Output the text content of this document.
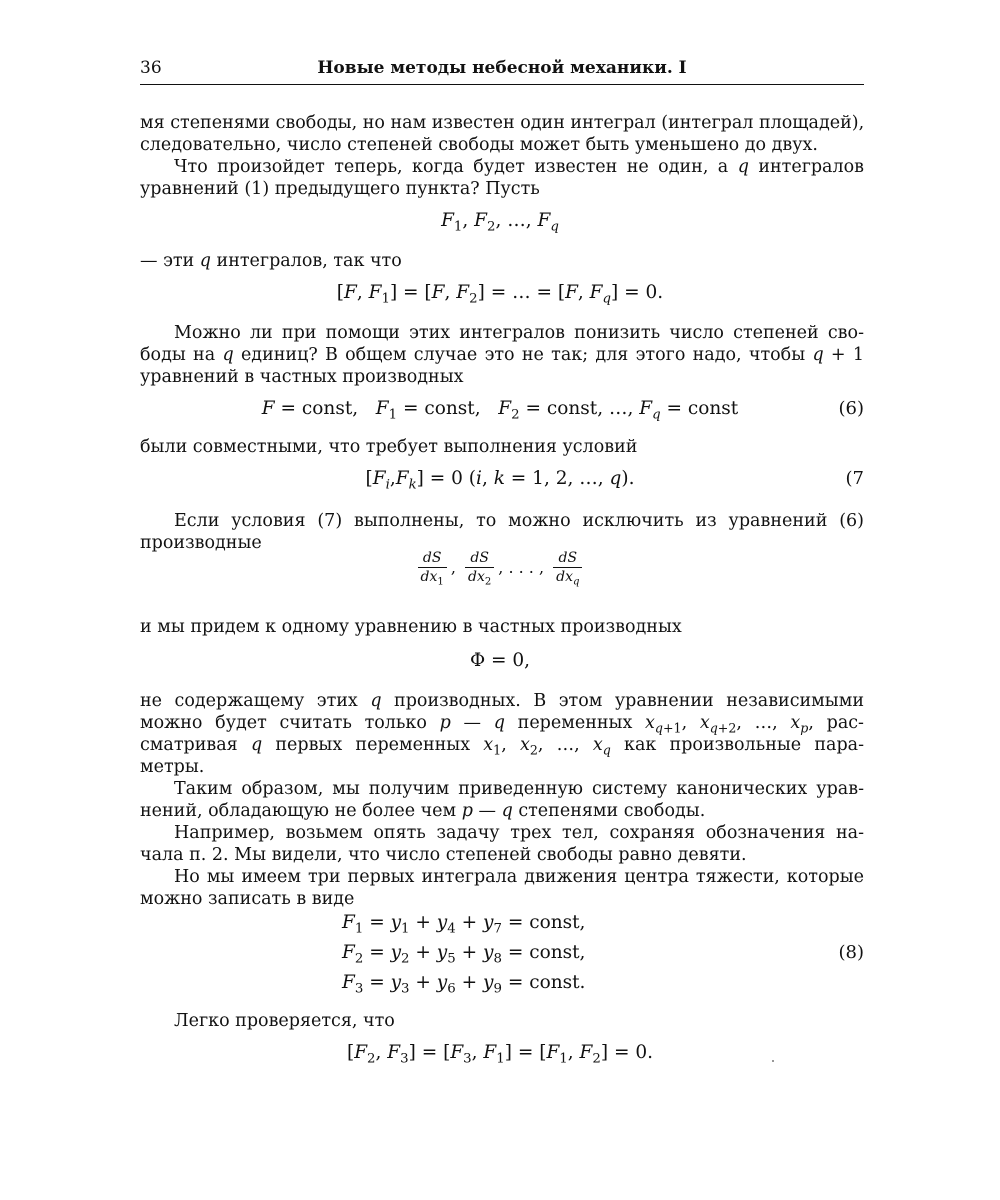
36	Новые методы небесной механики. I
мя степенями свободы, но нам известен один интеграл (интеграл площадей),
следовательно, число степеней свободы может быть уменьшено до двух.
Что произойдет теперь, когда будет известен не один, а q интегралов
уравнений (1) предыдущего пункта? Пусть
$F_1$, $F_2$, …, $F_q$
— эти q интегралов, так что
[F, $F_1] = [F$, $F_2$] = … = [F, $F_q] = 0$.
Можно ли при помощи этих интегралов понизить число степеней сво-
боды на q единиц? В общем случае это не так; для этого надо, чтобы q + 1
уравнений в частных производных
F = const,   $F_1$ = const,   $F_2$ = const, …, $F_q$ = const	(6)
были совместными, что требует выполнения условий
$[F_i,F_k] = 0$ (i, k = 1, 2, …, q).	(7
Если условия (7) выполнены, то можно исключить из уравнений (6)
производные
$\frac{dS}{dx_1}$ , $\frac{dS}{dx_2}$ , . . . , $\frac{dS}{dx_q}$
и мы придем к одному уравнению в частных производных
Φ = 0,
не содержащему этих q производных. В этом уравнении независимыми
можно будет считать только p — q переменных $x_{q+1}$, $x_{q+2}$, …, $x_p$, рас-
сматривая q первых переменных $x_1$, $x_2$, …, $x_q$ как произвольные пара-
метры.
Таким образом, мы получим приведенную систему канонических урав-
нений, обладающую не более чем p — q степенями свободы.
Например, возьмем опять задачу трех тел, сохраняя обозначения на-
чала п. 2. Мы видели, что число степеней свободы равно девяти.
Но мы имеем три первых интеграла движения центра тяжести, которые
можно записать в виде
$F_1 = y_1 + y_4 + y_7$ = const,
$F_2 = y_2 + y_5 + y_8$ = const,
$F_3 = y_3 + y_6 + y_9$ = const.
(8)
Легко проверяется, что
[$F_2$, $F_3] = [F_3$, $F_1] = [F_1$, $F_2] = 0$.
